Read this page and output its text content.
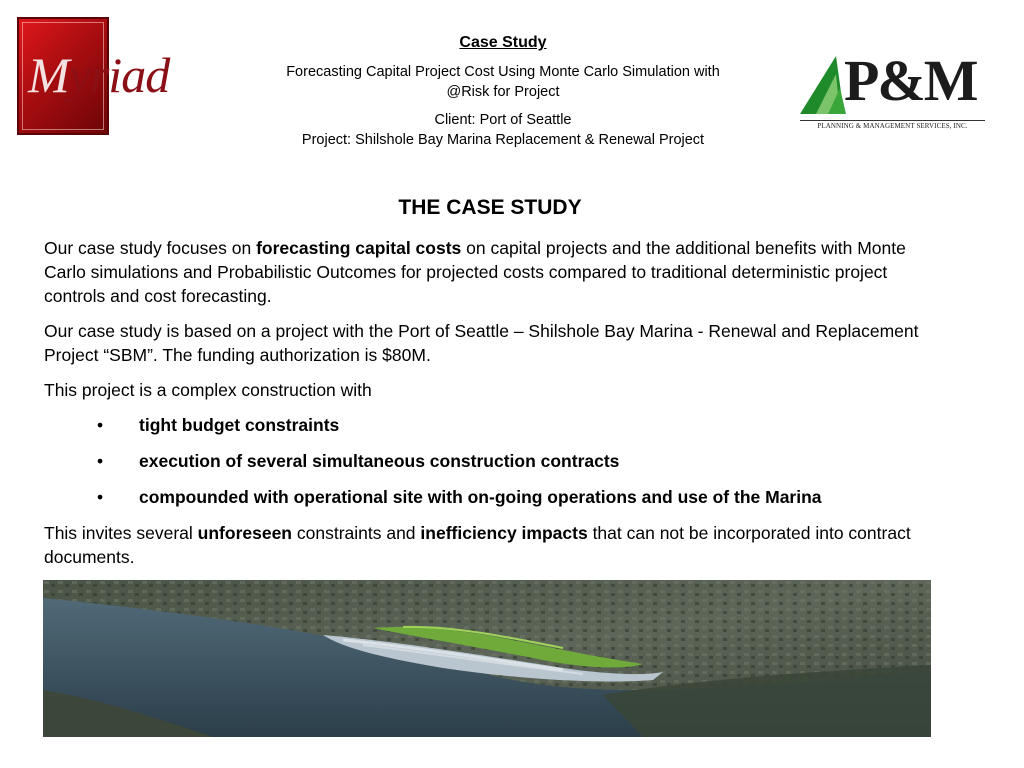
Myriad	P&M
PLANNING & MANAGEMENT SERVICES, INC.

Case Study

Forecasting Capital Project Cost Using Monte Carlo Simulation with

@Risk for Project

Client: Port of Seattle

Project: Shilshole Bay Marina Replacement & Renewal Project

THE CASE STUDY

Our case study focuses on forecasting capital costs on capital projects and the additional benefits with Monte Carlo simulations and Probabilistic Outcomes for projected costs compared to traditional deterministic project controls and cost forecasting.

Our case study is based on a project with the Port of Seattle – Shilshole Bay Marina - Renewal and Replacement Project “SBM”. The funding authorization is $80M.

This project is a complex construction with

• tight budget constraints
• execution of several simultaneous construction contracts
• compounded with operational site with on-going operations and use of the Marina

This invites several unforeseen constraints and inefficiency impacts that can not be incorporated into contract documents.
